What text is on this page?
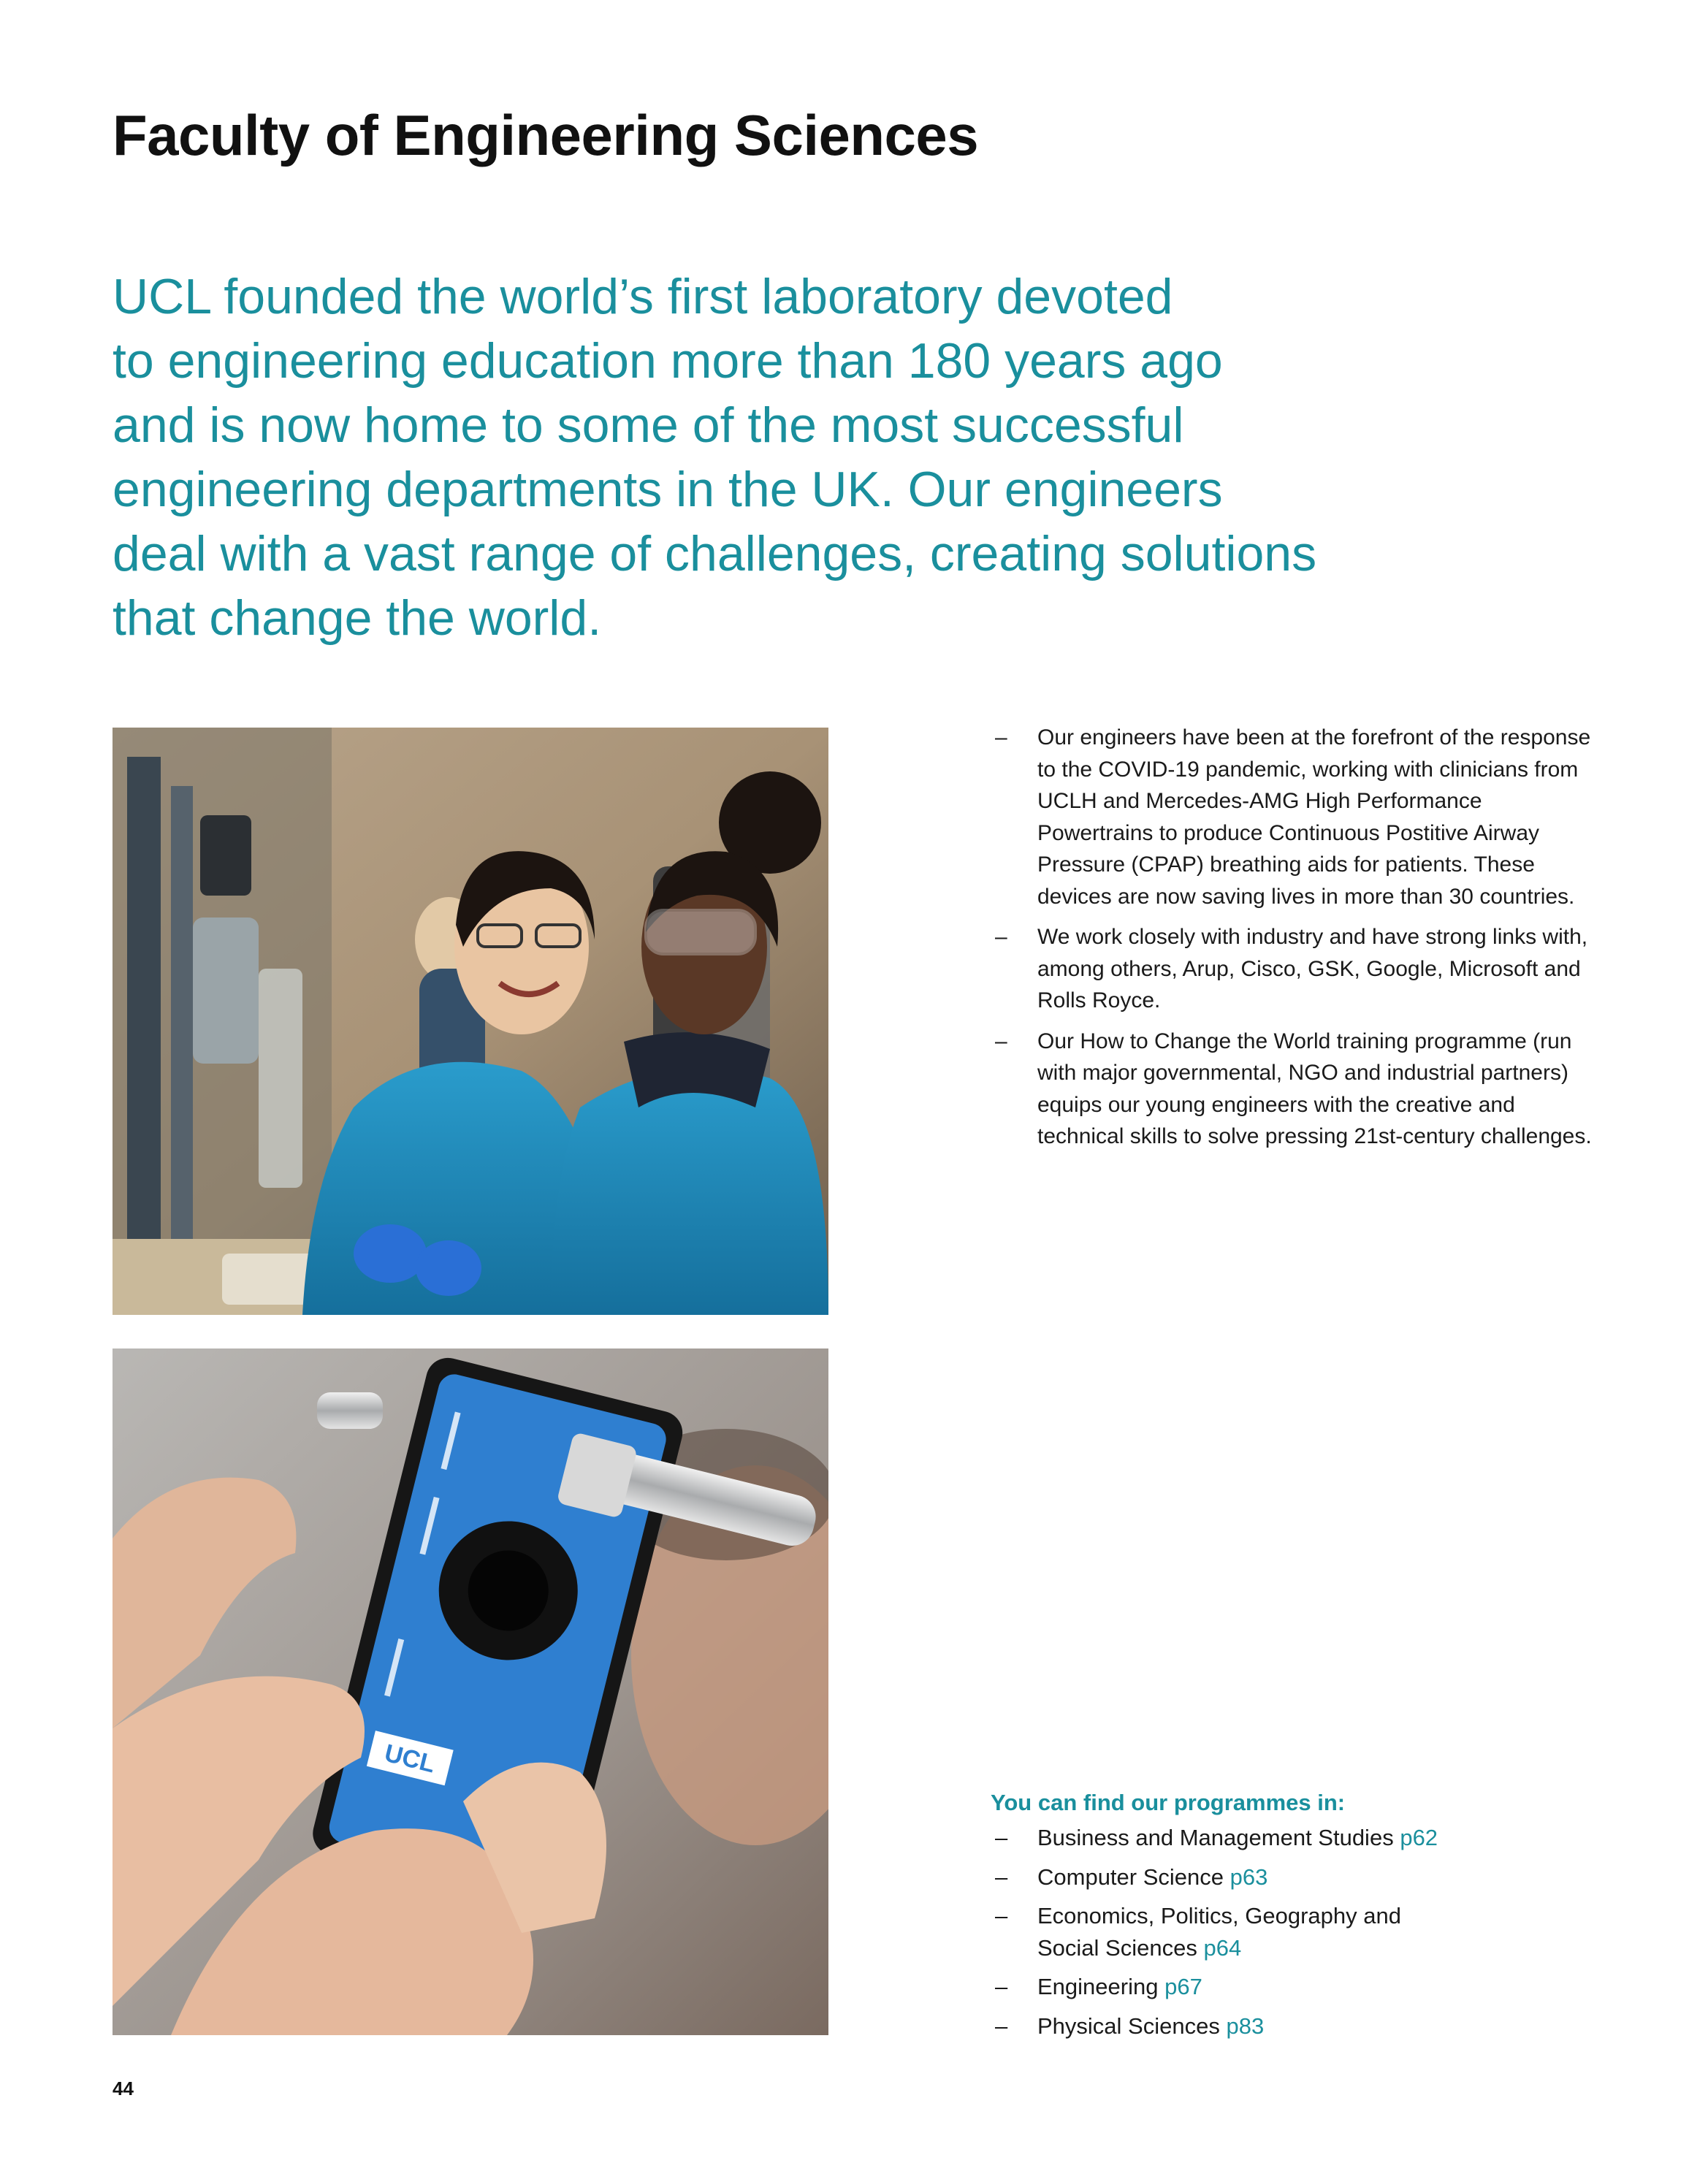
Faculty of Engineering Sciences

UCL founded the world’s first laboratory devoted
to engineering education more than 180 years ago
and is now home to some of the most successful
engineering departments in the UK. Our engineers
deal with a vast range of challenges, creating solutions
that change the world.

UCL
– Our engineers have been at the forefront of the response to the COVID-19 pandemic, working with clinicians from UCLH and Mercedes-AMG High Performance Powertrains to produce Continuous Postitive Airway Pressure (CPAP) breathing aids for patients. These devices are now saving lives in more than 30 countries.
– We work closely with industry and have strong links with, among others, Arup, Cisco, GSK, Google, Microsoft and Rolls Royce.
– Our How to Change the World training programme (run with major governmental, NGO and industrial partners) equips our young engineers with the creative and technical skills to solve pressing 21st-century challenges.
You can find our programmes in:
– Business and Management Studies p62
– Computer Science p63
– Economics, Politics, Geography and Social Sciences p64
– Engineering p67
– Physical Sciences p83
44
